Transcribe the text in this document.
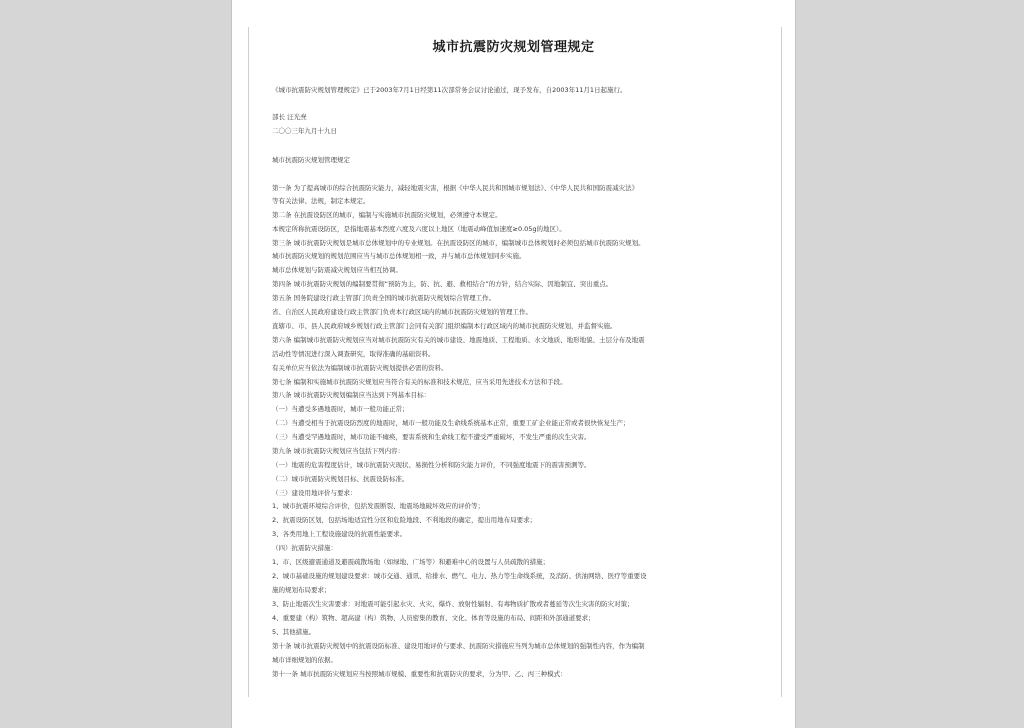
城市抗震防灾规划管理规定
《城市抗震防灾规划管理规定》已于2003年7月1日经第11次部常务会议讨论通过，现予发布，自2003年11月1日起施行。
部长 汪光焘
二〇〇三年九月十九日
城市抗震防灾规划管理规定
第一条 为了提高城市的综合抗震防灾能力，减轻地震灾害，根据《中华人民共和国城市规划法》、《中华人民共和国防震减灾法》
等有关法律、法规，制定本规定。
第二条 在抗震设防区的城市，编制与实施城市抗震防灾规划，必须遵守本规定。
本规定所称抗震设防区，是指地震基本烈度六度及六度以上地区（地震动峰值加速度≥0.05g的地区）。
第三条 城市抗震防灾规划是城市总体规划中的专业规划。在抗震设防区的城市，编制城市总体规划时必须包括城市抗震防灾规划。
城市抗震防灾规划的规划范围应当与城市总体规划相一致，并与城市总体规划同步实施。
城市总体规划与防震减灾规划应当相互协调。
第四条 城市抗震防灾规划的编制要贯彻“预防为主，防、抗、避、救相结合”的方针，结合实际、因地制宜、突出重点。
第五条 国务院建设行政主管部门负责全国的城市抗震防灾规划综合管理工作。
省、自治区人民政府建设行政主管部门负责本行政区域内的城市抗震防灾规划的管理工作。
直辖市、市、县人民政府城乡规划行政主管部门会同有关部门组织编制本行政区域内的城市抗震防灾规划，并监督实施。
第六条 编制城市抗震防灾规划应当对城市抗震防灾有关的城市建设、地震地质、工程地质、水文地质、地形地貌、土层分布及地震
活动性等情况进行深入调查研究，取得准确的基础资料。
有关单位应当依法为编制城市抗震防灾规划提供必需的资料。
第七条 编制和实施城市抗震防灾规划应当符合有关的标准和技术规范，应当采用先进技术方法和手段。
第八条 城市抗震防灾规划编制应当达到下列基本目标：
（一）当遭受多遇地震时，城市一般功能正常；
（二）当遭受相当于抗震设防烈度的地震时，城市一般功能及生命线系统基本正常，重要工矿企业能正常或者很快恢复生产；
（三）当遭受罕遇地震时，城市功能不瘫痪，要害系统和生命线工程不遭受严重破坏，不发生严重的次生灾害。
第九条 城市抗震防灾规划应当包括下列内容：
（一）地震的危害程度估计，城市抗震防灾现状、易损性分析和防灾能力评价，不同强度地震下的震害预测等。
（二）城市抗震防灾规划目标、抗震设防标准。
（三）建设用地评价与要求：
1、城市抗震环境综合评价，包括发震断裂、地震场地破坏效应的评价等；
2、抗震设防区划，包括场地适宜性分区和危险地段、不利地段的确定，提出用地布局要求；
3、各类用地上工程设施建设的抗震性能要求。
（四）抗震防灾措施：
1、市、区级避震通道及避震疏散场地（如绿地、广场等）和避难中心的设置与人员疏散的措施；
2、城市基础设施的规划建设要求：城市交通、通讯、给排水、燃气、电力、热力等生命线系统，及消防、供油网络、医疗等重要设
施的规划布局要求；
3、防止地震次生灾害要求：对地震可能引起水灾、火灾、爆炸、放射性辐射、有毒物质扩散或者蔓延等次生灾害的防灾对策；
4、重要建（构）筑物、超高建（构）筑物、人员密集的教育、文化、体育等设施的布局、间距和外部通道要求；
5、其他措施。
第十条 城市抗震防灾规划中的抗震设防标准、建设用地评价与要求、抗震防灾措施应当列为城市总体规划的强制性内容，作为编制
城市详细规划的依据。
第十一条 城市抗震防灾规划应当按照城市规模、重要性和抗震防灾的要求，分为甲、乙、丙三种模式：
